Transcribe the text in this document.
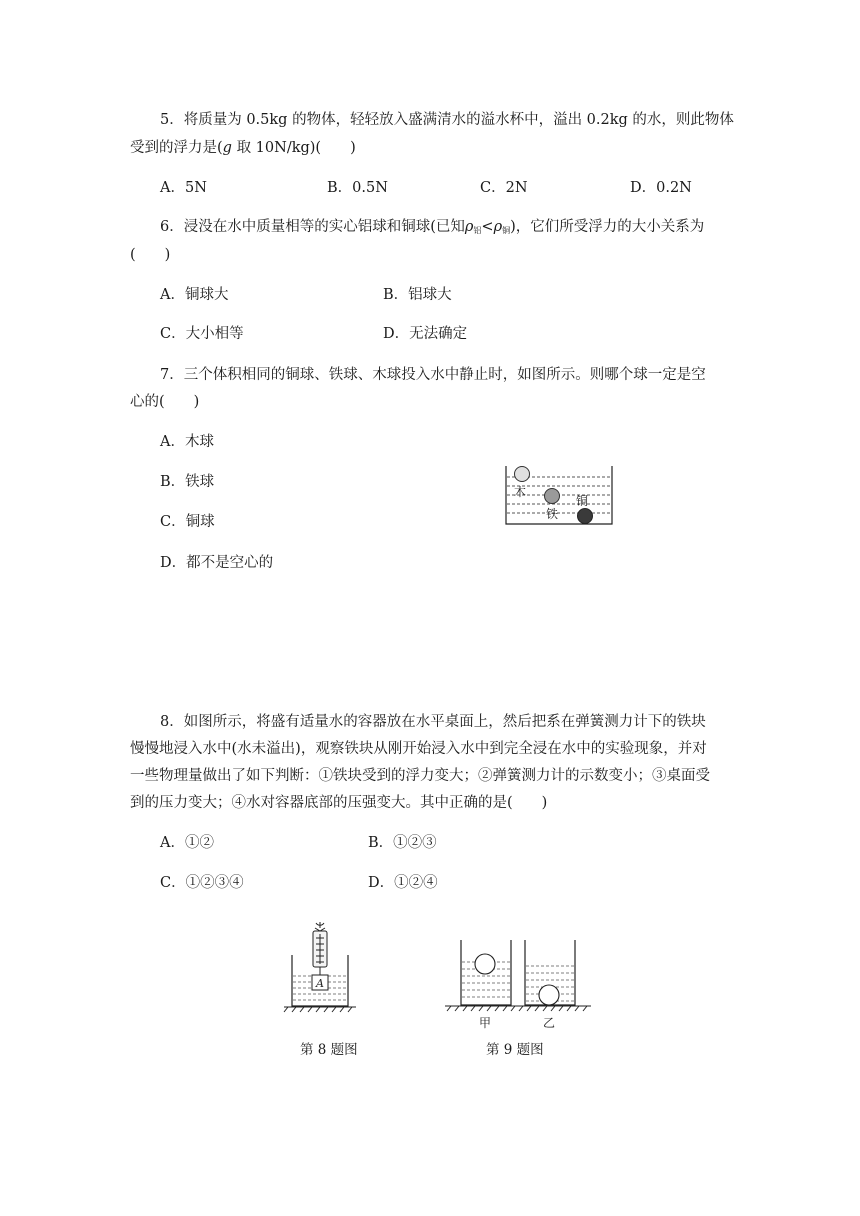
5．将质量为 0.5kg 的物体，轻轻放入盛满清水的溢水杯中，溢出 0.2kg 的水，则此物体
受到的浮力是(g 取 10N/kg)(　　)
A．5N	B．0.5N	C．2N	D．0.2N
6．浸没在水中质量相等的实心铝球和铜球(已知$\rho_铝<\rho_铜$)，它们所受浮力的大小关系为
(　　)
A．铜球大	B．铝球大
C．大小相等	D．无法确定
7．三个体积相同的铜球、铁球、木球投入水中静止时，如图所示。则哪个球一定是空
心的(　　)
A．木球
B．铁球
C．铜球
D．都不是空心的
木
铁
铜
8．如图所示，将盛有适量水的容器放在水平桌面上，然后把系在弹簧测力计下的铁块
慢慢地浸入水中(水未溢出)，观察铁块从刚开始浸入水中到完全浸在水中的实验现象，并对
一些物理量做出了如下判断：①铁块受到的浮力变大；②弹簧测力计的示数变小；③桌面受
到的压力变大；④水对容器底部的压强变大。其中正确的是(　　)
A．①②	B．①②③
C．①②③④	D．①②④
A
第 8 题图
甲	乙
第 9 题图
